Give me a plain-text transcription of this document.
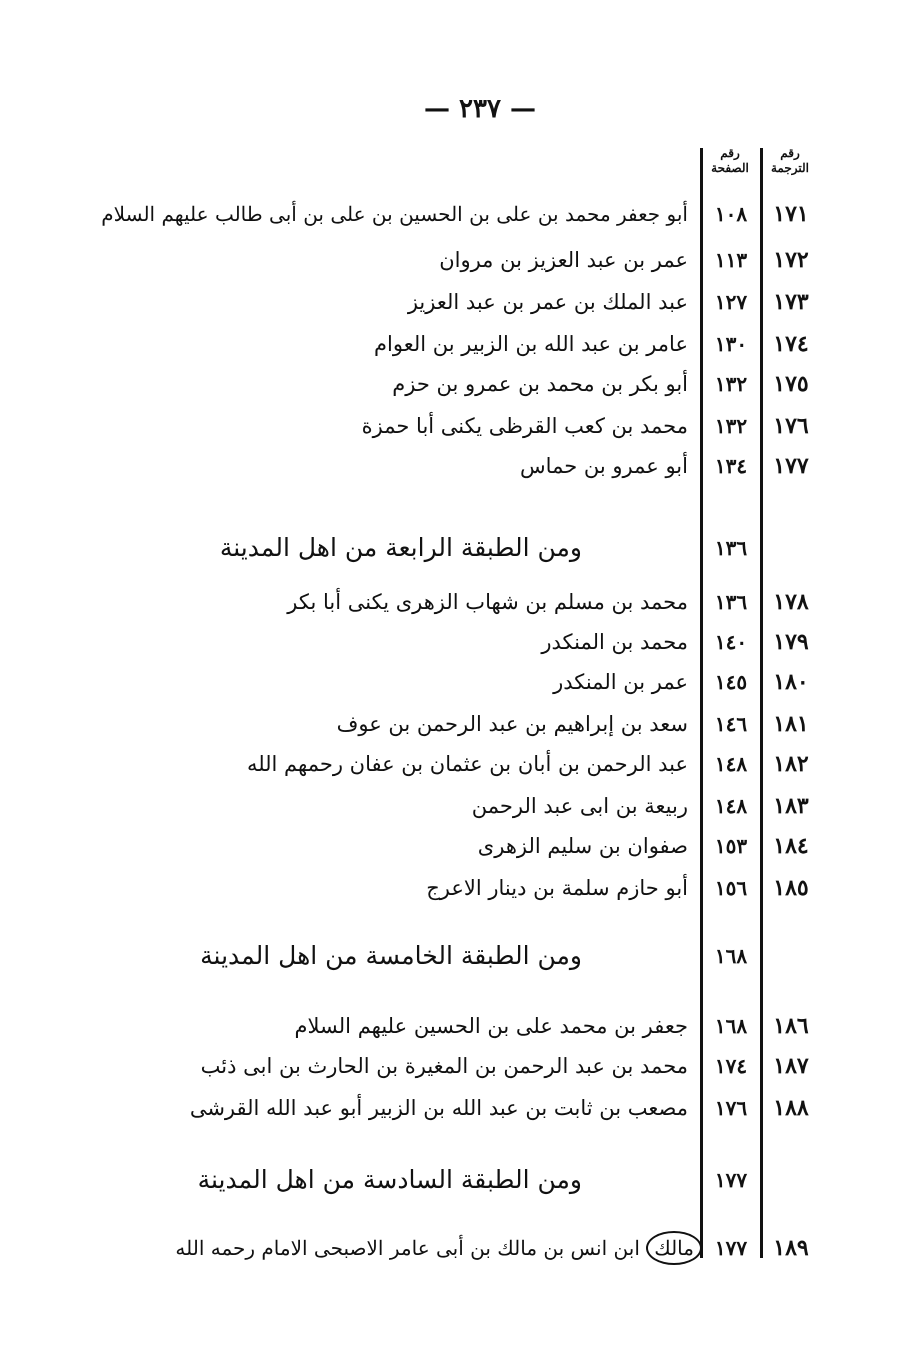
— ٢٣٧ —
رقم الترجمة
رقم الصفحة
١٧١
١٠٨
أبو جعفر محمد بن على بن الحسين بن على بن أبى طالب عليهم السلام
١٧٢
١١٣
عمر بن عبد العزيز بن مروان
١٧٣
١٢٧
عبد الملك بن عمر بن عبد العزيز
١٧٤
١٣٠
عامر بن عبد الله بن الزبير بن العوام
١٧٥
١٣٢
أبو بكر بن محمد بن عمرو بن حزم
١٧٦
١٣٢
محمد بن كعب القرظى يكنى أبا حمزة
١٧٧
١٣٤
أبو عمرو بن حماس
١٣٦
ومن الطبقة الرابعة من اهل المدينة
١٧٨
١٣٦
محمد بن مسلم بن شهاب الزهرى يكنى أبا بكر
١٧٩
١٤٠
محمد بن المنكدر
١٨٠
١٤٥
عمر بن المنكدر
١٨١
١٤٦
سعد بن إبراهيم بن عبد الرحمن بن عوف
١٨٢
١٤٨
عبد الرحمن بن أبان بن عثمان بن عفان رحمهم الله
١٨٣
١٤٨
ربيعة بن ابى عبد الرحمن
١٨٤
١٥٣
صفوان بن سليم الزهرى
١٨٥
١٥٦
أبو حازم سلمة بن دينار الاعرج
١٦٨
ومن الطبقة الخامسة من اهل المدينة
١٨٦
١٦٨
جعفر بن محمد على بن الحسين عليهم السلام
١٨٧
١٧٤
محمد بن عبد الرحمن بن المغيرة بن الحارث بن ابى ذئب
١٨٨
١٧٦
مصعب بن ثابت بن عبد الله بن الزبير أبو عبد الله القرشى
١٧٧
ومن الطبقة السادسة من اهل المدينة
١٨٩
١٧٧
مالك ابن انس بن مالك بن أبى عامر الاصبحى الامام رحمه الله
